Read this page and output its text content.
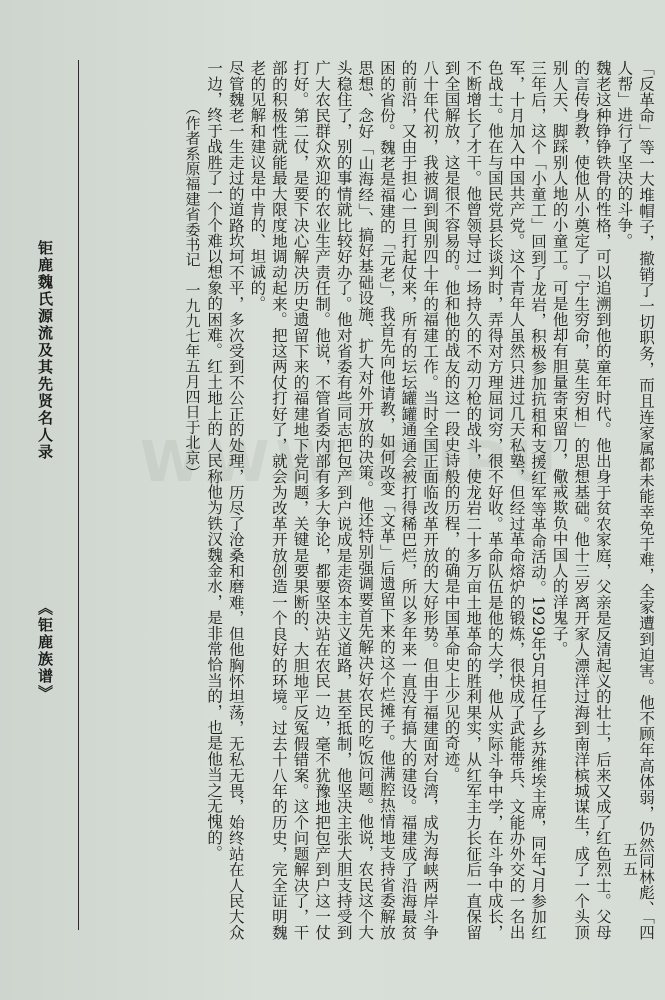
钜鹿魏氏源流及其先贤名人录
《钜鹿族谱》
WWW.ZUPU	「反革命」等一大堆帽子，撤销了一切职务，而且连家属都未能幸免于难，全家遭到迫害。他不顾年高体弱，仍然同林彪、「四人帮」进行了坚决的斗争。

魏老这种铮铮铁骨的性格，可以追溯到他的童年时代。他出身于贫农家庭，父亲是反清起义的壮士，后来又成了红色烈士。父母的言传身教，使他从小奠定了「宁生穷命，莫生穷相」的思想基础。他十三岁离开家人漂洋过海到南洋槟城谋生，成了一个头顶别人天、脚踩别人地的小童工。可是他却有胆量寄束留刀，儆戒欺负中国人的洋鬼子。

三年后，这个「小童工」回到了龙岩，积极参加抗租和支援红军等革命活动。1929年5月担任了乡苏维埃主席，同年7月参加红军，十月加入中国共产党。这个青年人虽然只进过几天私塾，但经过革命熔炉的锻炼，很快成了武能带兵、文能办外交的一名出色战士。他在与国民党县长谈判时，弄得对方理屈词穷，很不好收。革命队伍是他的大学，他从实际斗争中学，在斗争中成长，不断增长了才干。他曾领导过一场持久的不动刀枪的战斗，使龙岩二十多万亩土地革命的胜利果实，从红军主力长征后一直保留到全国解放，这是很不容易的。他和他的战友的这一段史诗般的历程，的确是中国革命史上少见的奇迹。

八十年代初，我被调到闽别四十年的福建工作。当时全国正面临改革开放的大好形势。但由于福建面对台湾，成为海峡两岸斗争的前沿，又由于担心一旦打起仗来，所有的坛坛罐罐通通会被打得稀巴烂，所以多年来一直没有搞大的建设。福建成了沿海最贫困的省份。魏老是福建的「元老」，我首先向他请教，如何改变「文革」后遗留下来的这个烂摊子。他满腔热情地支持省委解放思想、念好「山海经」、搞好基础设施、扩大对外开放的决策。他还特别强调要首先解决好农民的吃饭问题。他说，农民这个大头稳住了，别的事情就比较好办了。他对省委有些同志把包产到户说成是走资本主义道路，甚至抵制，他坚决主张大胆支持受到广大农民群众欢迎的农业生产责任制。他说，不管省委内部有多大争论，都要坚决站在农民一边，毫不犹豫地把包产到户这一仗打好。第二仗，是要下决心解决历史遗留下来的福建地下党问题，关键是要果断的、大胆地平反冤假错案。这个问题解决了，干部的积极性就能最大限度地调动起来。把这两仗打好了，就会为改革开放创造一个良好的环境。过去十八年的历史，完全证明魏老的见解和建议是中肯的、坦诚的。

尽管魏老一生走过的道路坎坷不平，多次受到不公正的处理，历尽了沧桑和磨难，但他胸怀坦荡，无私无畏，始终站在人民大众一边，终于战胜了一个个难以想象的困难。红土地上的人民称他为铁汉魏金水，是非常恰当的，也是他当之无愧的。

（作者系原福建省委书记　一九九七年五月四日于北京）

五五
